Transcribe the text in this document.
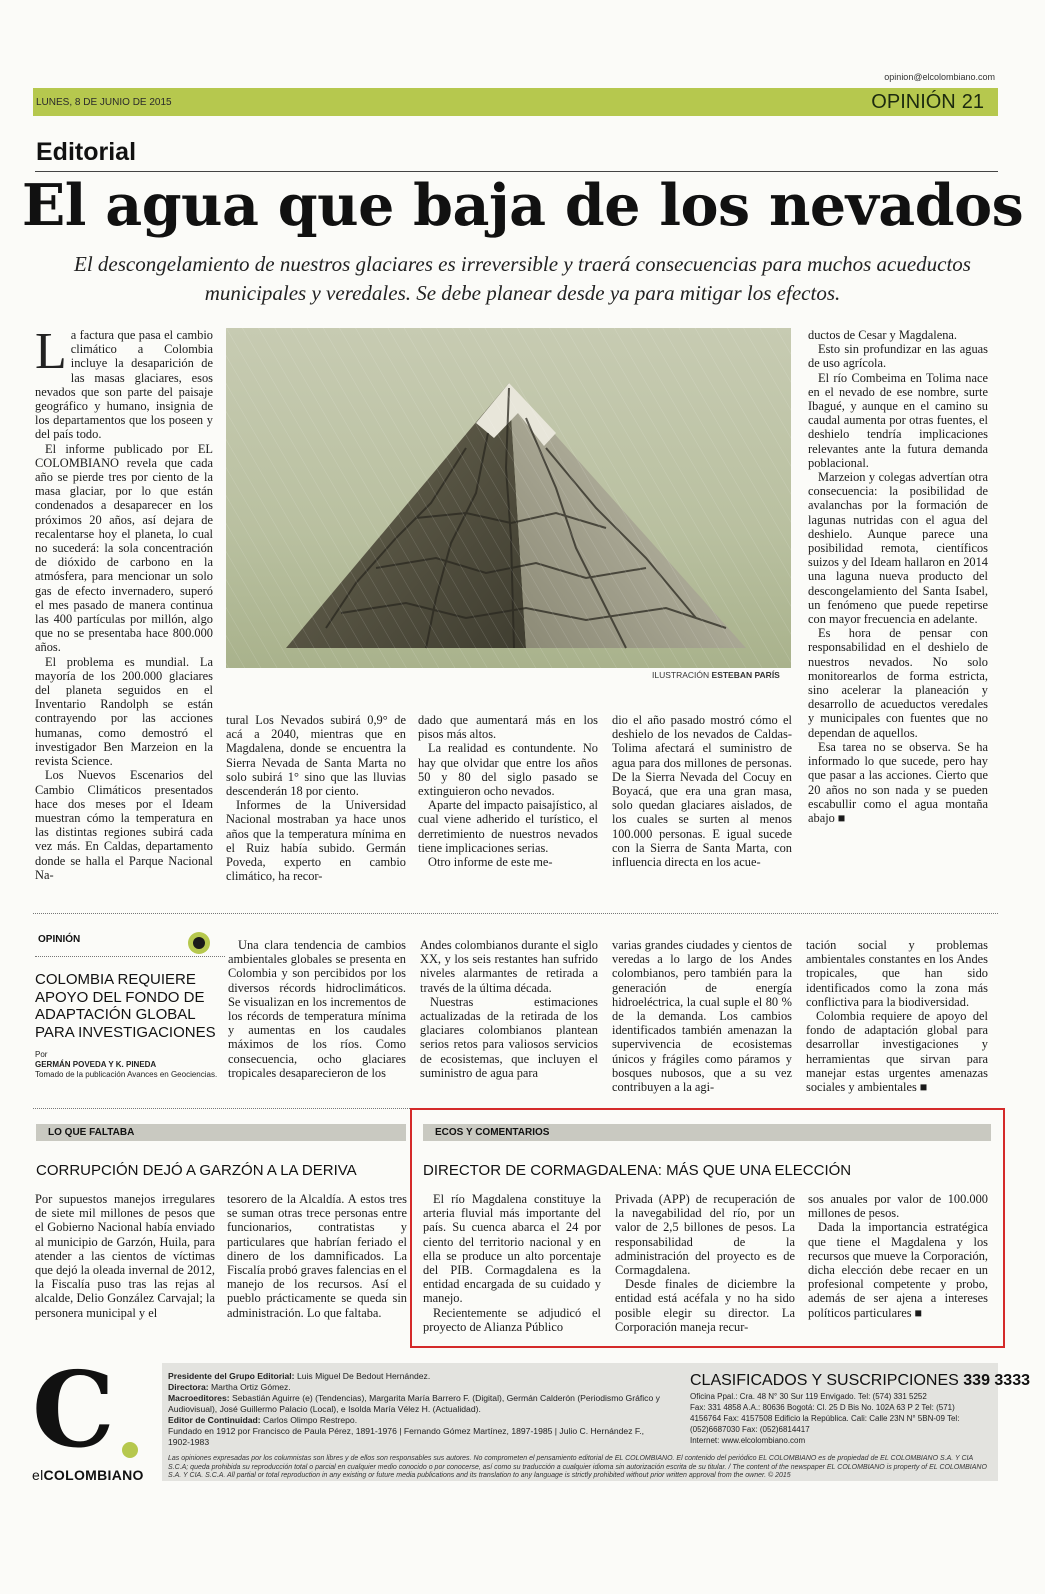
opinion@elcolombiano.com
LUNES, 8 DE JUNIO DE 2015	OPINIÓN 21
Editorial
El agua que baja de los nevados
El descongelamiento de nuestros glaciares es irreversible y traerá consecuencias para muchos acueductos municipales y veredales. Se debe planear desde ya para mitigar los efectos.
L a factura que pasa el cambio climático a Colombia incluye la desaparición de las masas glaciares, esos nevados que son parte del paisaje geográfico y humano, insignia de los departamentos que los poseen y del país todo.

El informe publicado por EL COLOMBIANO revela que cada año se pierde tres por ciento de la masa glaciar, por lo que están condenados a desaparecer en los próximos 20 años, así dejara de recalentarse hoy el planeta, lo cual no sucederá: la sola concentración de dióxido de carbono en la atmósfera, para mencionar un solo gas de efecto invernadero, superó el mes pasado de manera continua las 400 partículas por millón, algo que no se presentaba hace 800.000 años.

El problema es mundial. La mayoría de los 200.000 glaciares del planeta seguidos en el Inventario Randolph se están contrayendo por las acciones humanas, como demostró el investigador Ben Marzeion en la revista Science.

Los Nuevos Escenarios del Cambio Climáticos presentados hace dos meses por el Ideam muestran cómo la temperatura en las distintas regiones subirá cada vez más. En Caldas, departamento donde se halla el Parque Nacional Na-

tural Los Nevados subirá 0,9° de acá a 2040, mientras que en Magdalena, donde se encuentra la Sierra Nevada de Santa Marta no solo subirá 1° sino que las lluvias descenderán 18 por ciento.

Informes de la Universidad Nacional mostraban ya hace unos años que la temperatura mínima en el Ruiz había subido. Germán Poveda, experto en cambio climático, ha recor-

dado que aumentará más en los pisos más altos.

La realidad es contundente. No hay que olvidar que entre los años 50 y 80 del siglo pasado se extinguieron ocho nevados.

Aparte del impacto paisajístico, al cual viene adherido el turístico, el derretimiento de nuestros nevados tiene implicaciones serias.

Otro informe de este me-

dio el año pasado mostró cómo el deshielo de los nevados de Caldas-Tolima afectará el suministro de agua para dos millones de personas. De la Sierra Nevada del Cocuy en Boyacá, que era una gran masa, solo quedan glaciares aislados, de los cuales se surten al menos 100.000 personas. E igual sucede con la Sierra de Santa Marta, con influencia directa en los acue-

ductos de Cesar y Magdalena.

Esto sin profundizar en las aguas de uso agrícola.

El río Combeima en Tolima nace en el nevado de ese nombre, surte Ibagué, y aunque en el camino su caudal aumenta por otras fuentes, el deshielo tendría implicaciones relevantes ante la futura demanda poblacional.

Marzeion y colegas advertían otra consecuencia: la posibilidad de avalanchas por la formación de lagunas nutridas con el agua del deshielo. Aunque parece una posibilidad remota, científicos suizos y del Ideam hallaron en 2014 una laguna nueva producto del descongelamiento del Santa Isabel, un fenómeno que puede repetirse con mayor frecuencia en adelante.

Es hora de pensar con responsabilidad en el deshielo de nuestros nevados. No solo monitorearlos de forma estricta, sino acelerar la planeación y desarrollo de acueductos veredales y municipales con fuentes que no dependan de aquellos.

Esa tarea no se observa. Se ha informado lo que sucede, pero hay que pasar a las acciones. Cierto que 20 años no son nada y se pueden escabullir como el agua montaña abajo ■

ILUSTRACIÓN ESTEBAN PARÍS
OPINIÓN
COLOMBIA REQUIERE APOYO DEL FONDO DE ADAPTACIÓN GLOBAL PARA INVESTIGACIONES
Por
GERMÁN POVEDA Y K. PINEDA
Tomado de la publicación Avances en Geociencias.

Una clara tendencia de cambios ambientales globales se presenta en Colombia y son percibidos por los diversos récords hidroclimáticos. Se visualizan en los incrementos de los récords de temperatura mínima y aumentas en los caudales máximos de los ríos. Como consecuencia, ocho glaciares tropicales desaparecieron de los

Andes colombianos durante el siglo XX, y los seis restantes han sufrido niveles alarmantes de retirada a través de la última década.

Nuestras estimaciones actualizadas de la retirada de los glaciares colombianos plantean serios retos para valiosos servicios de ecosistemas, que incluyen el suministro de agua para

varias grandes ciudades y cientos de veredas a lo largo de los Andes colombianos, pero también para la generación de energía hidroeléctrica, la cual suple el 80 % de la demanda. Los cambios identificados también amenazan la supervivencia de ecosistemas únicos y frágiles como páramos y bosques nubosos, que a su vez contribuyen a la agi-

tación social y problemas ambientales constantes en los Andes tropicales, que han sido identificados como la zona más conflictiva para la biodiversidad.

Colombia requiere de apoyo del fondo de adaptación global para desarrollar investigaciones y herramientas que sirvan para manejar estas urgentes amenazas sociales y ambientales ■

LO QUE FALTABA
CORRUPCIÓN DEJÓ A GARZÓN A LA DERIVA

Por supuestos manejos irregulares de siete mil millones de pesos que el Gobierno Nacional había enviado al municipio de Garzón, Huila, para atender a las cientos de víctimas que dejó la oleada invernal de 2012, la Fiscalía puso tras las rejas al alcalde, Delio González Carvajal; la personera municipal y el

tesorero de la Alcaldía. A estos tres se suman otras trece personas entre funcionarios, contratistas y particulares que habrían feriado el dinero de los damnificados. La Fiscalía probó graves falencias en el manejo de los recursos. Así el pueblo prácticamente se queda sin administración. Lo que faltaba.

ECOS Y COMENTARIOS
DIRECTOR DE CORMAGDALENA: MÁS QUE UNA ELECCIÓN

El río Magdalena constituye la arteria fluvial más importante del país. Su cuenca abarca el 24 por ciento del territorio nacional y en ella se produce un alto porcentaje del PIB. Cormagdalena es la entidad encargada de su cuidado y manejo.

Recientemente se adjudicó el proyecto de Alianza Público

Privada (APP) de recuperación de la navegabilidad del río, por un valor de 2,5 billones de pesos. La responsabilidad de la administración del proyecto es de Cormagdalena.

Desde finales de diciembre la entidad está acéfala y no ha sido posible elegir su director. La Corporación maneja recur-

sos anuales por valor de 100.000 millones de pesos.

Dada la importancia estratégica que tiene el Magdalena y los recursos que mueve la Corporación, dicha elección debe recaer en un profesional competente y probo, además de ser ajena a intereses políticos particulares ■

C
elCOLOMBIANO
Presidente del Grupo Editorial: Luis Miguel De Bedout Hernández.
Directora: Martha Ortiz Gómez.
Macroeditores: Sebastián Aguirre (e) (Tendencias), Margarita María Barrero F. (Digital), Germán Calderón (Periodismo Gráfico y Audiovisual), José Guillermo Palacio (Local), e Isolda María Vélez H. (Actualidad).
Editor de Continuidad: Carlos Olimpo Restrepo.
Fundado en 1912 por Francisco de Paula Pérez, 1891-1976 | Fernando Gómez Martínez, 1897-1985 | Julio C. Hernández F., 1902-1983
CLASIFICADOS Y SUSCRIPCIONES 339 3333
Oficina Ppal.: Cra. 48 N° 30 Sur 119 Envigado. Tel: (574) 331 5252
Fax: 331 4858 A.A.: 80636 Bogotá: Cl. 25 D Bis No. 102A 63 P 2 Tel: (571)
4156764 Fax: 4157508 Edificio la República. Cali: Calle 23N N° 5BN-09 Tel:
(052)6687030 Fax: (052)6814417
Internet: www.elcolombiano.com
Las opiniones expresadas por los columnistas son libres y de ellos son responsables sus autores. No comprometen el pensamiento editorial de EL COLOMBIANO. El contenido del periódico EL COLOMBIANO es de propiedad de EL COLOMBIANO S.A. Y CIA S.C.A; queda prohibida su reproducción total o parcial en cualquier medio conocido o por conocerse, así como su traducción a cualquier idioma sin autorización escrita de su titular. / The content of the newspaper EL COLOMBIANO is property of EL COLOMBIANO S.A. Y CIA. S.C.A. All partial or total reproduction in any existing or future media publications and its translation to any language is strictly prohibited without prior written approval from the owner. © 2015
